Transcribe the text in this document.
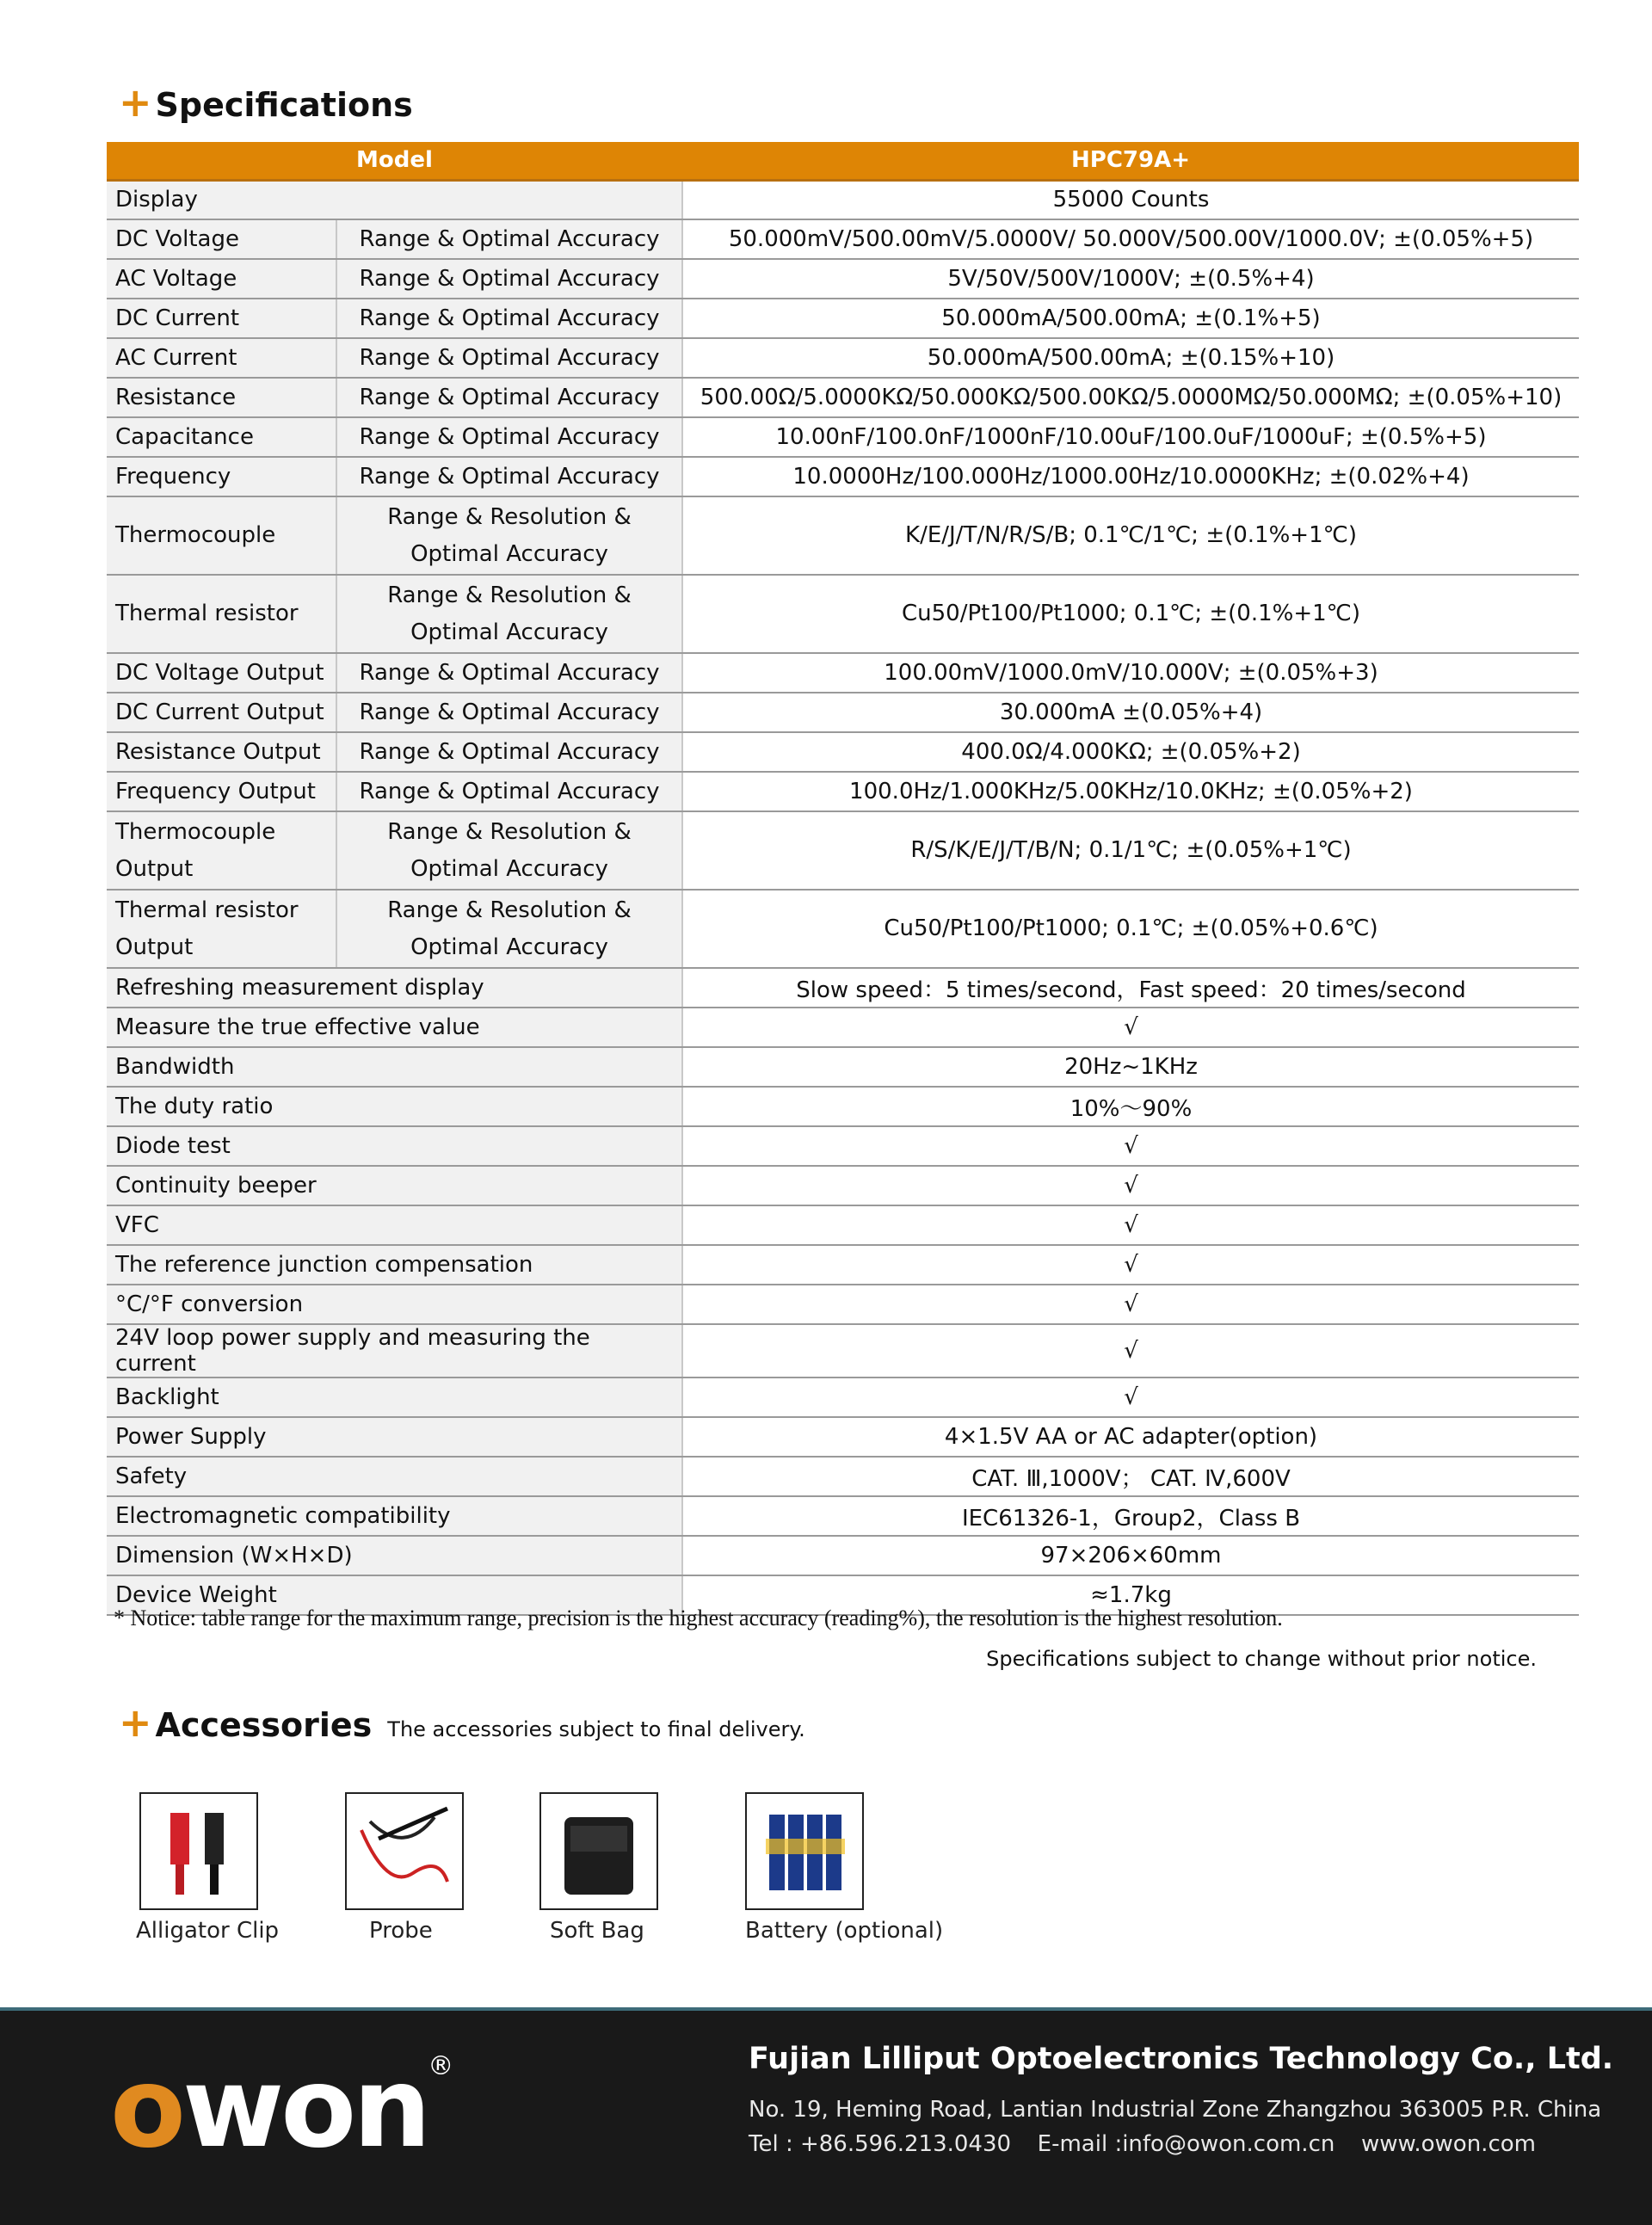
+ Specifications
Model		HPC79A+
Display		55000 Counts
DC Voltage	Range & Optimal Accuracy	50.000mV/500.00mV/5.0000V/ 50.000V/500.00V/1000.0V; ±(0.05%+5)
AC Voltage	Range & Optimal Accuracy	5V/50V/500V/1000V; ±(0.5%+4)
DC Current	Range & Optimal Accuracy	50.000mA/500.00mA; ±(0.1%+5)
AC Current	Range & Optimal Accuracy	50.000mA/500.00mA; ±(0.15%+10)
Resistance	Range & Optimal Accuracy	500.00Ω/5.0000KΩ/50.000KΩ/500.00KΩ/5.0000MΩ/50.000MΩ; ±(0.05%+10)
Capacitance	Range & Optimal Accuracy	10.00nF/100.0nF/1000nF/10.00uF/100.0uF/1000uF; ±(0.5%+5)
Frequency	Range & Optimal Accuracy	10.0000Hz/100.000Hz/1000.00Hz/10.0000KHz; ±(0.02%+4)
Thermocouple	Range & Resolution & Optimal Accuracy	K/E/J/T/N/R/S/B; 0.1℃/1℃; ±(0.1%+1℃)
Thermal resistor	Range & Resolution & Optimal Accuracy	Cu50/Pt100/Pt1000; 0.1℃; ±(0.1%+1℃)
DC Voltage Output	Range & Optimal Accuracy	100.00mV/1000.0mV/10.000V; ±(0.05%+3)
DC Current Output	Range & Optimal Accuracy	30.000mA ±(0.05%+4)
Resistance Output	Range & Optimal Accuracy	400.0Ω/4.000KΩ; ±(0.05%+2)
Frequency Output	Range & Optimal Accuracy	100.0Hz/1.000KHz/5.00KHz/10.0KHz; ±(0.05%+2)
Thermocouple Output	Range & Resolution & Optimal Accuracy	R/S/K/E/J/T/B/N; 0.1/1℃; ±(0.05%+1℃)
Thermal resistor Output	Range & Resolution & Optimal Accuracy	Cu50/Pt100/Pt1000; 0.1℃; ±(0.05%+0.6℃)
Refreshing measurement display		Slow speed：5 times/second，Fast speed：20 times/second
Measure the true effective value		√
Bandwidth		20Hz~1KHz
The duty ratio		10%～90%
Diode test		√
Continuity beeper		√
VFC		√
The reference junction compensation		√
°C/°F conversion		√
24V loop power supply and measuring the current		√
Backlight		√
Power Supply		4×1.5V AA or AC adapter(option)
Safety		CAT. Ⅲ,1000V； CAT. Ⅳ,600V
Electromagnetic compatibility		IEC61326-1，Group2，Class B
Dimension (W×H×D)		97×206×60mm
Device Weight		≈1.7kg
* Notice: table range for the maximum range, precision is the highest accuracy (reading%), the resolution is the highest resolution.
Specifications subject to change without prior notice.
+ Accessories The accessories subject to final delivery.
Alligator Clip	Probe	Soft Bag	Battery (optional)
owon®	Fujian Lilliput Optoelectronics Technology Co., Ltd.
No. 19, Heming Road, Lantian Industrial Zone Zhangzhou 363005 P.R. China
Tel : +86.596.213.0430 E-mail :info@owon.com.cn www.owon.com
